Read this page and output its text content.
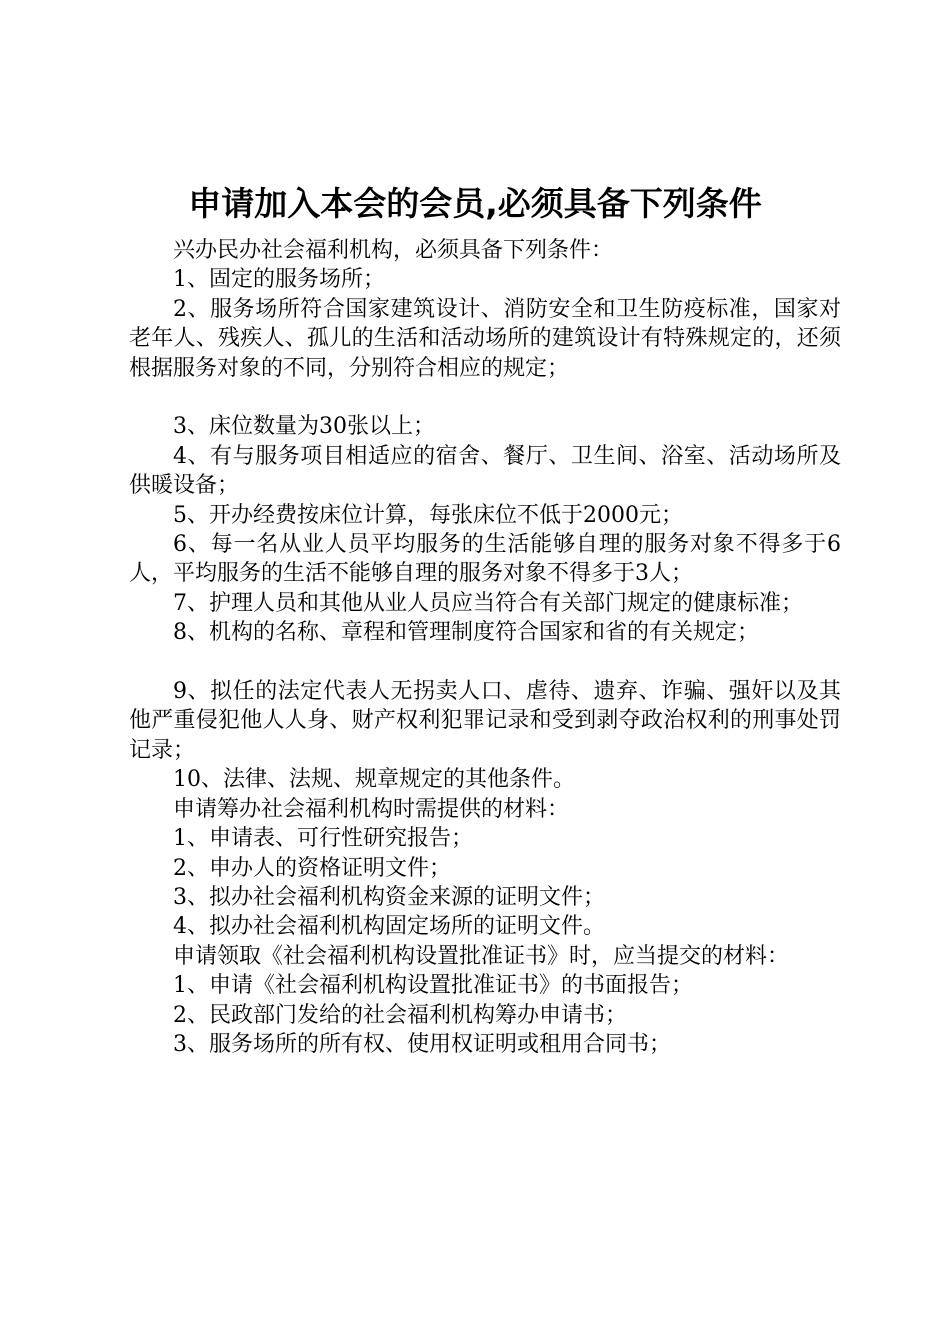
申请加入本会的会员,必须具备下列条件

兴办民办社会福利机构，必须具备下列条件：

1、固定的服务场所；

2、服务场所符合国家建筑设计、消防安全和卫生防疫标准，国家对老年人、残疾人、孤儿的生活和活动场所的建筑设计有特殊规定的，还须根据服务对象的不同，分别符合相应的规定；

3、床位数量为30张以上；

4、有与服务项目相适应的宿舍、餐厅、卫生间、浴室、活动场所及供暖设备；

5、开办经费按床位计算，每张床位不低于2000元；

6、每一名从业人员平均服务的生活能够自理的服务对象不得多于6人，平均服务的生活不能够自理的服务对象不得多于3人；

7、护理人员和其他从业人员应当符合有关部门规定的健康标准；

8、机构的名称、章程和管理制度符合国家和省的有关规定；

9、拟任的法定代表人无拐卖人口、虐待、遗弃、诈骗、强奸以及其他严重侵犯他人人身、财产权利犯罪记录和受到剥夺政治权利的刑事处罚记录；

10、法律、法规、规章规定的其他条件。

申请筹办社会福利机构时需提供的材料：

1、申请表、可行性研究报告；

2、申办人的资格证明文件；

3、拟办社会福利机构资金来源的证明文件；

4、拟办社会福利机构固定场所的证明文件。

申请领取《社会福利机构设置批准证书》时，应当提交的材料：

1、申请《社会福利机构设置批准证书》的书面报告；

2、民政部门发给的社会福利机构筹办申请书；

3、服务场所的所有权、使用权证明或租用合同书；
